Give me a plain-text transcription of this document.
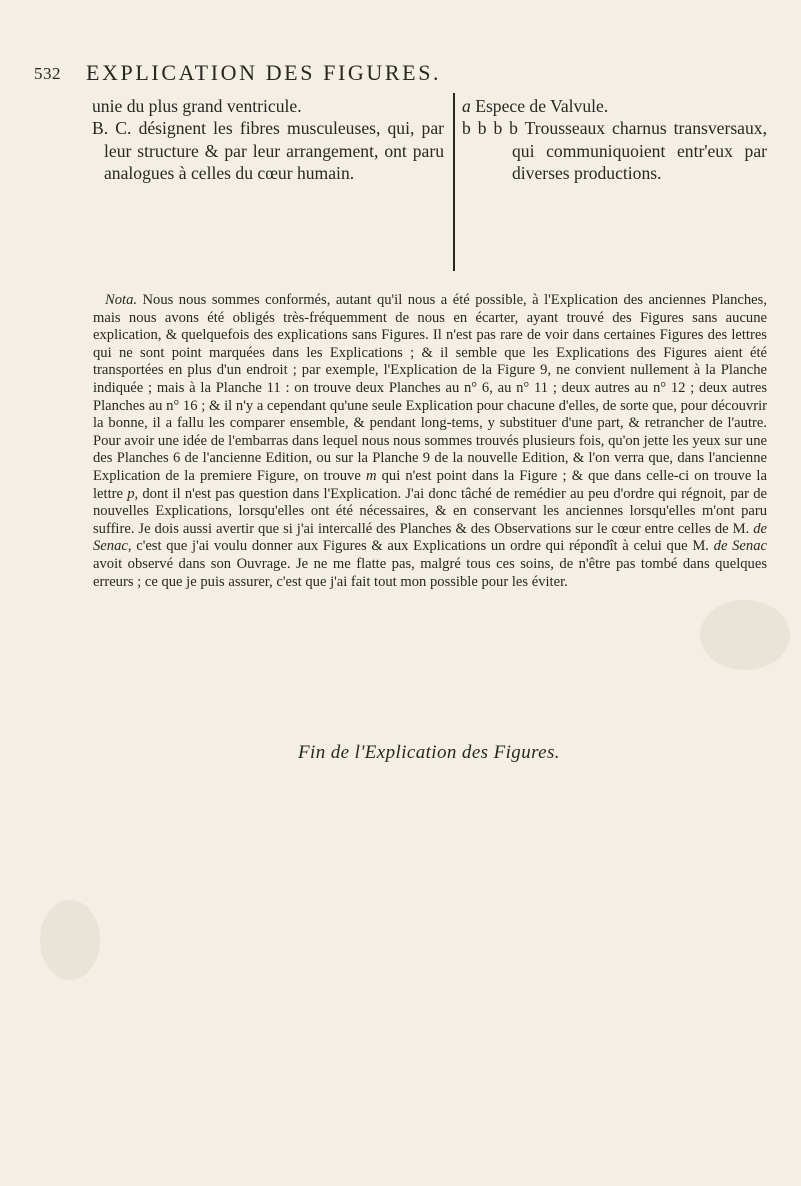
532 EXPLICATION DES FIGURES.

unie du plus grand ventricule.

B. C. désignent les fibres musculeuses, qui, par leur structure & par leur arrangement, ont paru analogues à celles du cœur humain.

a Espece de Valvule.

b b b b Trousseaux charnus transversaux, qui communiquoient entr'eux par diverses productions.

Nota. Nous nous sommes conformés, autant qu'il nous a été possible, à l'Explication des anciennes Planches, mais nous avons été obligés très-fréquemment de nous en écarter, ayant trouvé des Figures sans aucune explication, & quelquefois des explications sans Figures. Il n'est pas rare de voir dans certaines Figures des lettres qui ne sont point marquées dans les Explications ; & il semble que les Explications des Figures aient été transportées en plus d'un endroit ; par exemple, l'Explication de la Figure 9, ne convient nullement à la Planche indiquée ; mais à la Planche 11 : on trouve deux Planches au n° 6, au n° 11 ; deux autres au n° 12 ; deux autres Planches au n° 16 ; & il n'y a cependant qu'une seule Explication pour chacune d'elles, de sorte que, pour découvrir la bonne, il a fallu les comparer ensemble, & pendant long-tems, y substituer d'une part, & retrancher de l'autre. Pour avoir une idée de l'embarras dans lequel nous nous sommes trouvés plusieurs fois, qu'on jette les yeux sur une des Planches 6 de l'ancienne Edition, ou sur la Planche 9 de la nouvelle Edition, & l'on verra que, dans l'ancienne Explication de la premiere Figure, on trouve m qui n'est point dans la Figure ; & que dans celle-ci on trouve la lettre p, dont il n'est pas question dans l'Explication. J'ai donc tâché de remédier au peu d'ordre qui régnoit, par de nouvelles Explications, lorsqu'elles ont été nécessaires, & en conservant les anciennes lorsqu'elles m'ont paru suffire. Je dois aussi avertir que si j'ai intercallé des Planches & des Observations sur le cœur entre celles de M. de Senac, c'est que j'ai voulu donner aux Figures & aux Explications un ordre qui répondît à celui que M. de Senac avoit observé dans son Ouvrage. Je ne me flatte pas, malgré tous ces soins, de n'être pas tombé dans quelques erreurs ; ce que je puis assurer, c'est que j'ai fait tout mon possible pour les éviter.

Fin de l'Explication des Figures.
